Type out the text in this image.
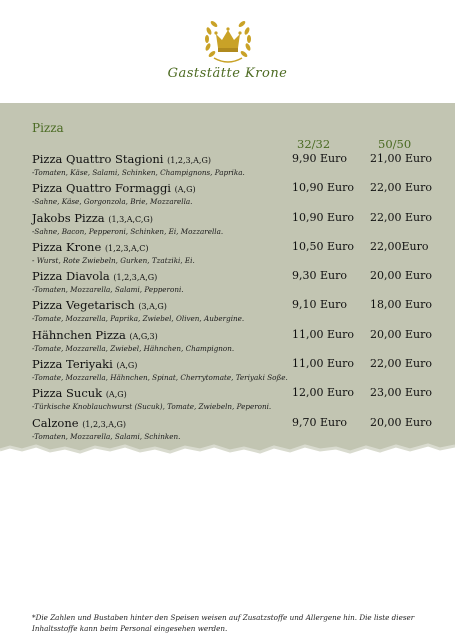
Gaststätte Krone
Pizza
32/32	50/50
Pizza Quattro Stagioni (1,2,3,A,G)
-Tomaten, Käse, Salami, Schinken, Champignons, Paprika.
9,90 Euro 21,00 Euro
Pizza Quattro Formaggi (A,G)
-Sahne, Käse, Gorgonzola, Brie, Mozzarella.
10,90 Euro 22,00 Euro
Jakobs Pizza (1,3,A,C,G)
-Sahne, Bacon, Pepperoni, Schinken, Ei, Mozzarella.
10,90 Euro 22,00 Euro
Pizza Krone (1,2,3,A,C)
- Wurst, Rote Zwiebeln, Gurken, Tzatziki, Ei.
10,50 Euro 22,00Euro
Pizza Diavola (1,2,3,A,G)
-Tomaten, Mozzarella, Salami, Pepperoni.
9,30 Euro 20,00 Euro
Pizza Vegetarisch (3,A,G)
-Tomate, Mozzarella, Paprika, Zwiebel, Oliven, Aubergine.
9,10 Euro 18,00 Euro
Hähnchen Pizza (A,G,3)
-Tomate, Mozzarella, Zwiebel, Hähnchen, Champignon.
11,00 Euro 20,00 Euro
Pizza Teriyaki (A,G)
-Tomate, Mozzarella, Hähnchen, Spinat, Cherrytomate, Teriyaki Soße.
11,00 Euro 22,00 Euro
Pizza Sucuk (A,G)
-Türkische Knoblauchwurst (Sucuk), Tomate, Zwiebeln, Peperoni.
12,00 Euro 23,00 Euro
Calzone (1,2,3,A,G)
-Tomaten, Mozzarella, Salami, Schinken.
9,70 Euro 20,00 Euro
*Die Zahlen und Bustaben hinter den Speisen weisen auf Zusatzstoffe und Allergene hin. Die liste dieser Inhaltsstoffe kann beim Personal eingesehen werden.
